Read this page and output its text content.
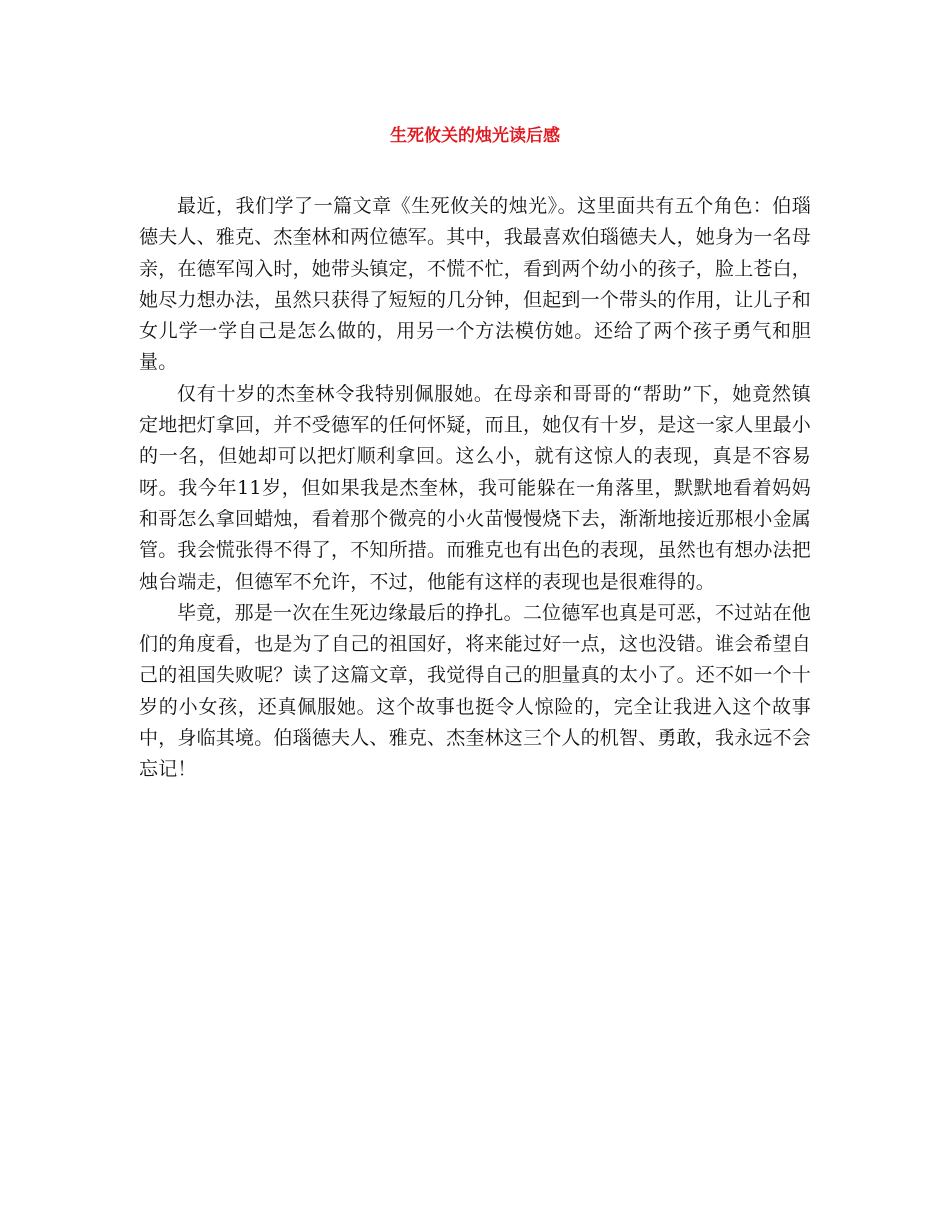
生死攸关的烛光读后感

最近，我们学了一篇文章《生死攸关的烛光》。这里面共有五个角色：伯瑙德夫人、雅克、杰奎林和两位德军。其中，我最喜欢伯瑙德夫人，她身为一名母亲，在德军闯入时，她带头镇定，不慌不忙，看到两个幼小的孩子，脸上苍白，她尽力想办法，虽然只获得了短短的几分钟，但起到一个带头的作用，让儿子和女儿学一学自己是怎么做的，用另一个方法模仿她。还给了两个孩子勇气和胆量。

仅有十岁的杰奎林令我特别佩服她。在母亲和哥哥的“帮助”下，她竟然镇定地把灯拿回，并不受德军的任何怀疑，而且，她仅有十岁，是这一家人里最小的一名，但她却可以把灯顺利拿回。这么小，就有这惊人的表现，真是不容易呀。我今年11岁，但如果我是杰奎林，我可能躲在一角落里，默默地看着妈妈和哥怎么拿回蜡烛，看着那个微亮的小火苗慢慢烧下去，渐渐地接近那根小金属管。我会慌张得不得了，不知所措。而雅克也有出色的表现，虽然也有想办法把烛台端走，但德军不允许，不过，他能有这样的表现也是很难得的。

毕竟，那是一次在生死边缘最后的挣扎。二位德军也真是可恶，不过站在他们的角度看，也是为了自己的祖国好，将来能过好一点，这也没错。谁会希望自己的祖国失败呢？读了这篇文章，我觉得自己的胆量真的太小了。还不如一个十岁的小女孩，还真佩服她。这个故事也挺令人惊险的，完全让我进入这个故事中，身临其境。伯瑙德夫人、雅克、杰奎林这三个人的机智、勇敢，我永远不会忘记！
